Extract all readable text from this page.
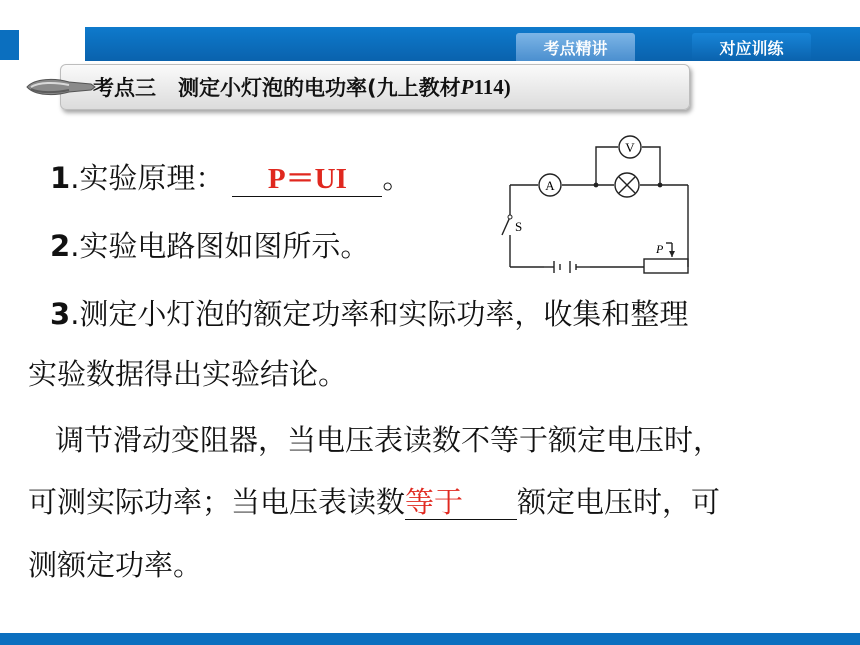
考点精讲	对应训练
考点三 测定小灯泡的电功率(九上教材 P 114)
1.实验原理： P＝UI 。
2.实验电路图如图所示。
3.测定小灯泡的额定功率和实际功率，收集和整理
实验数据得出实验结论。
调节滑动变阻器，当电压表读数不等于额定电压时，
可测实际功率；当电压表读数等于 额定电压时，可
测额定功率。
A
V
S
P
